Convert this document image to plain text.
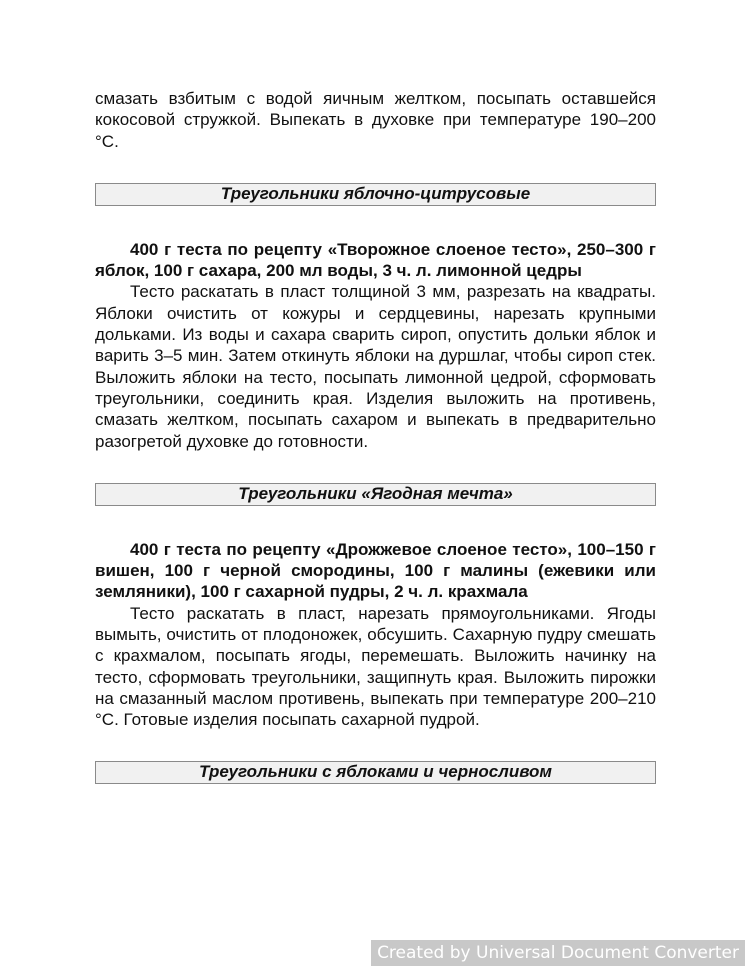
смазать взбитым с водой яичным желтком, посыпать оставшейся кокосовой стружкой. Выпекать в духовке при температуре 190–200 °С.

Треугольники яблочно-цитрусовые

400 г теста по рецепту «Творожное слоеное тесто», 250–300 г яблок, 100 г сахара, 200 мл воды, 3 ч. л. лимонной цедры

Тесто раскатать в пласт толщиной 3 мм, разрезать на квадраты. Яблоки очистить от кожуры и сердцевины, нарезать крупными дольками. Из воды и сахара сварить сироп, опустить дольки яблок и варить 3–5 мин. Затем откинуть яблоки на дуршлаг, чтобы сироп стек. Выложить яблоки на тесто, посыпать лимонной цедрой, сформовать треугольники, соединить края. Изделия выложить на противень, смазать желтком, посыпать сахаром и выпекать в предварительно разогретой духовке до готовности.

Треугольники «Ягодная мечта»

400 г теста по рецепту «Дрожжевое слоеное тесто», 100–150 г вишен, 100 г черной смородины, 100 г малины (ежевики или земляники), 100 г сахарной пудры, 2 ч. л. крахмала

Тесто раскатать в пласт, нарезать прямоугольниками. Ягоды вымыть, очистить от плодоножек, обсушить. Сахарную пудру смешать с крахмалом, посыпать ягоды, перемешать. Выложить начинку на тесто, сформовать треугольники, защипнуть края. Выложить пирожки на смазанный маслом противень, выпекать при температуре 200–210 °С. Готовые изделия посыпать сахарной пудрой.

Треугольники с яблоками и черносливом
Created by Universal Document Converter
